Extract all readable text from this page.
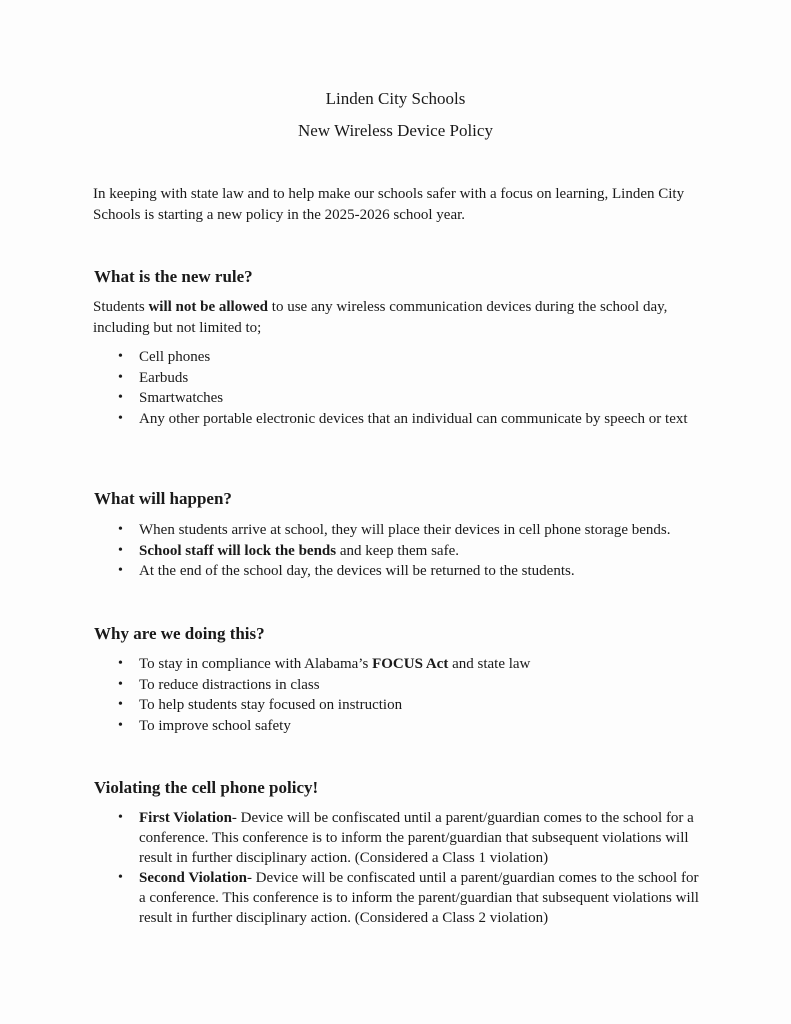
Linden City Schools
New Wireless Device Policy
In keeping with state law and to help make our schools safer with a focus on learning, Linden City Schools is starting a new policy in the 2025-2026 school year.
What is the new rule?
Students will not be allowed to use any wireless communication devices during the school day, including but not limited to;
• Cell phones
• Earbuds
• Smartwatches
• Any other portable electronic devices that an individual can communicate by speech or text
What will happen?
• When students arrive at school, they will place their devices in cell phone storage bends.
• School staff will lock the bends and keep them safe.
• At the end of the school day, the devices will be returned to the students.
Why are we doing this?
• To stay in compliance with Alabama’s FOCUS Act and state law
• To reduce distractions in class
• To help students stay focused on instruction
• To improve school safety
Violating the cell phone policy!
• First Violation- Device will be confiscated until a parent/guardian comes to the school for a conference. This conference is to inform the parent/guardian that subsequent violations will result in further disciplinary action. (Considered a Class 1 violation)
• Second Violation- Device will be confiscated until a parent/guardian comes to the school for a conference. This conference is to inform the parent/guardian that subsequent violations will result in further disciplinary action. (Considered a Class 2 violation)
